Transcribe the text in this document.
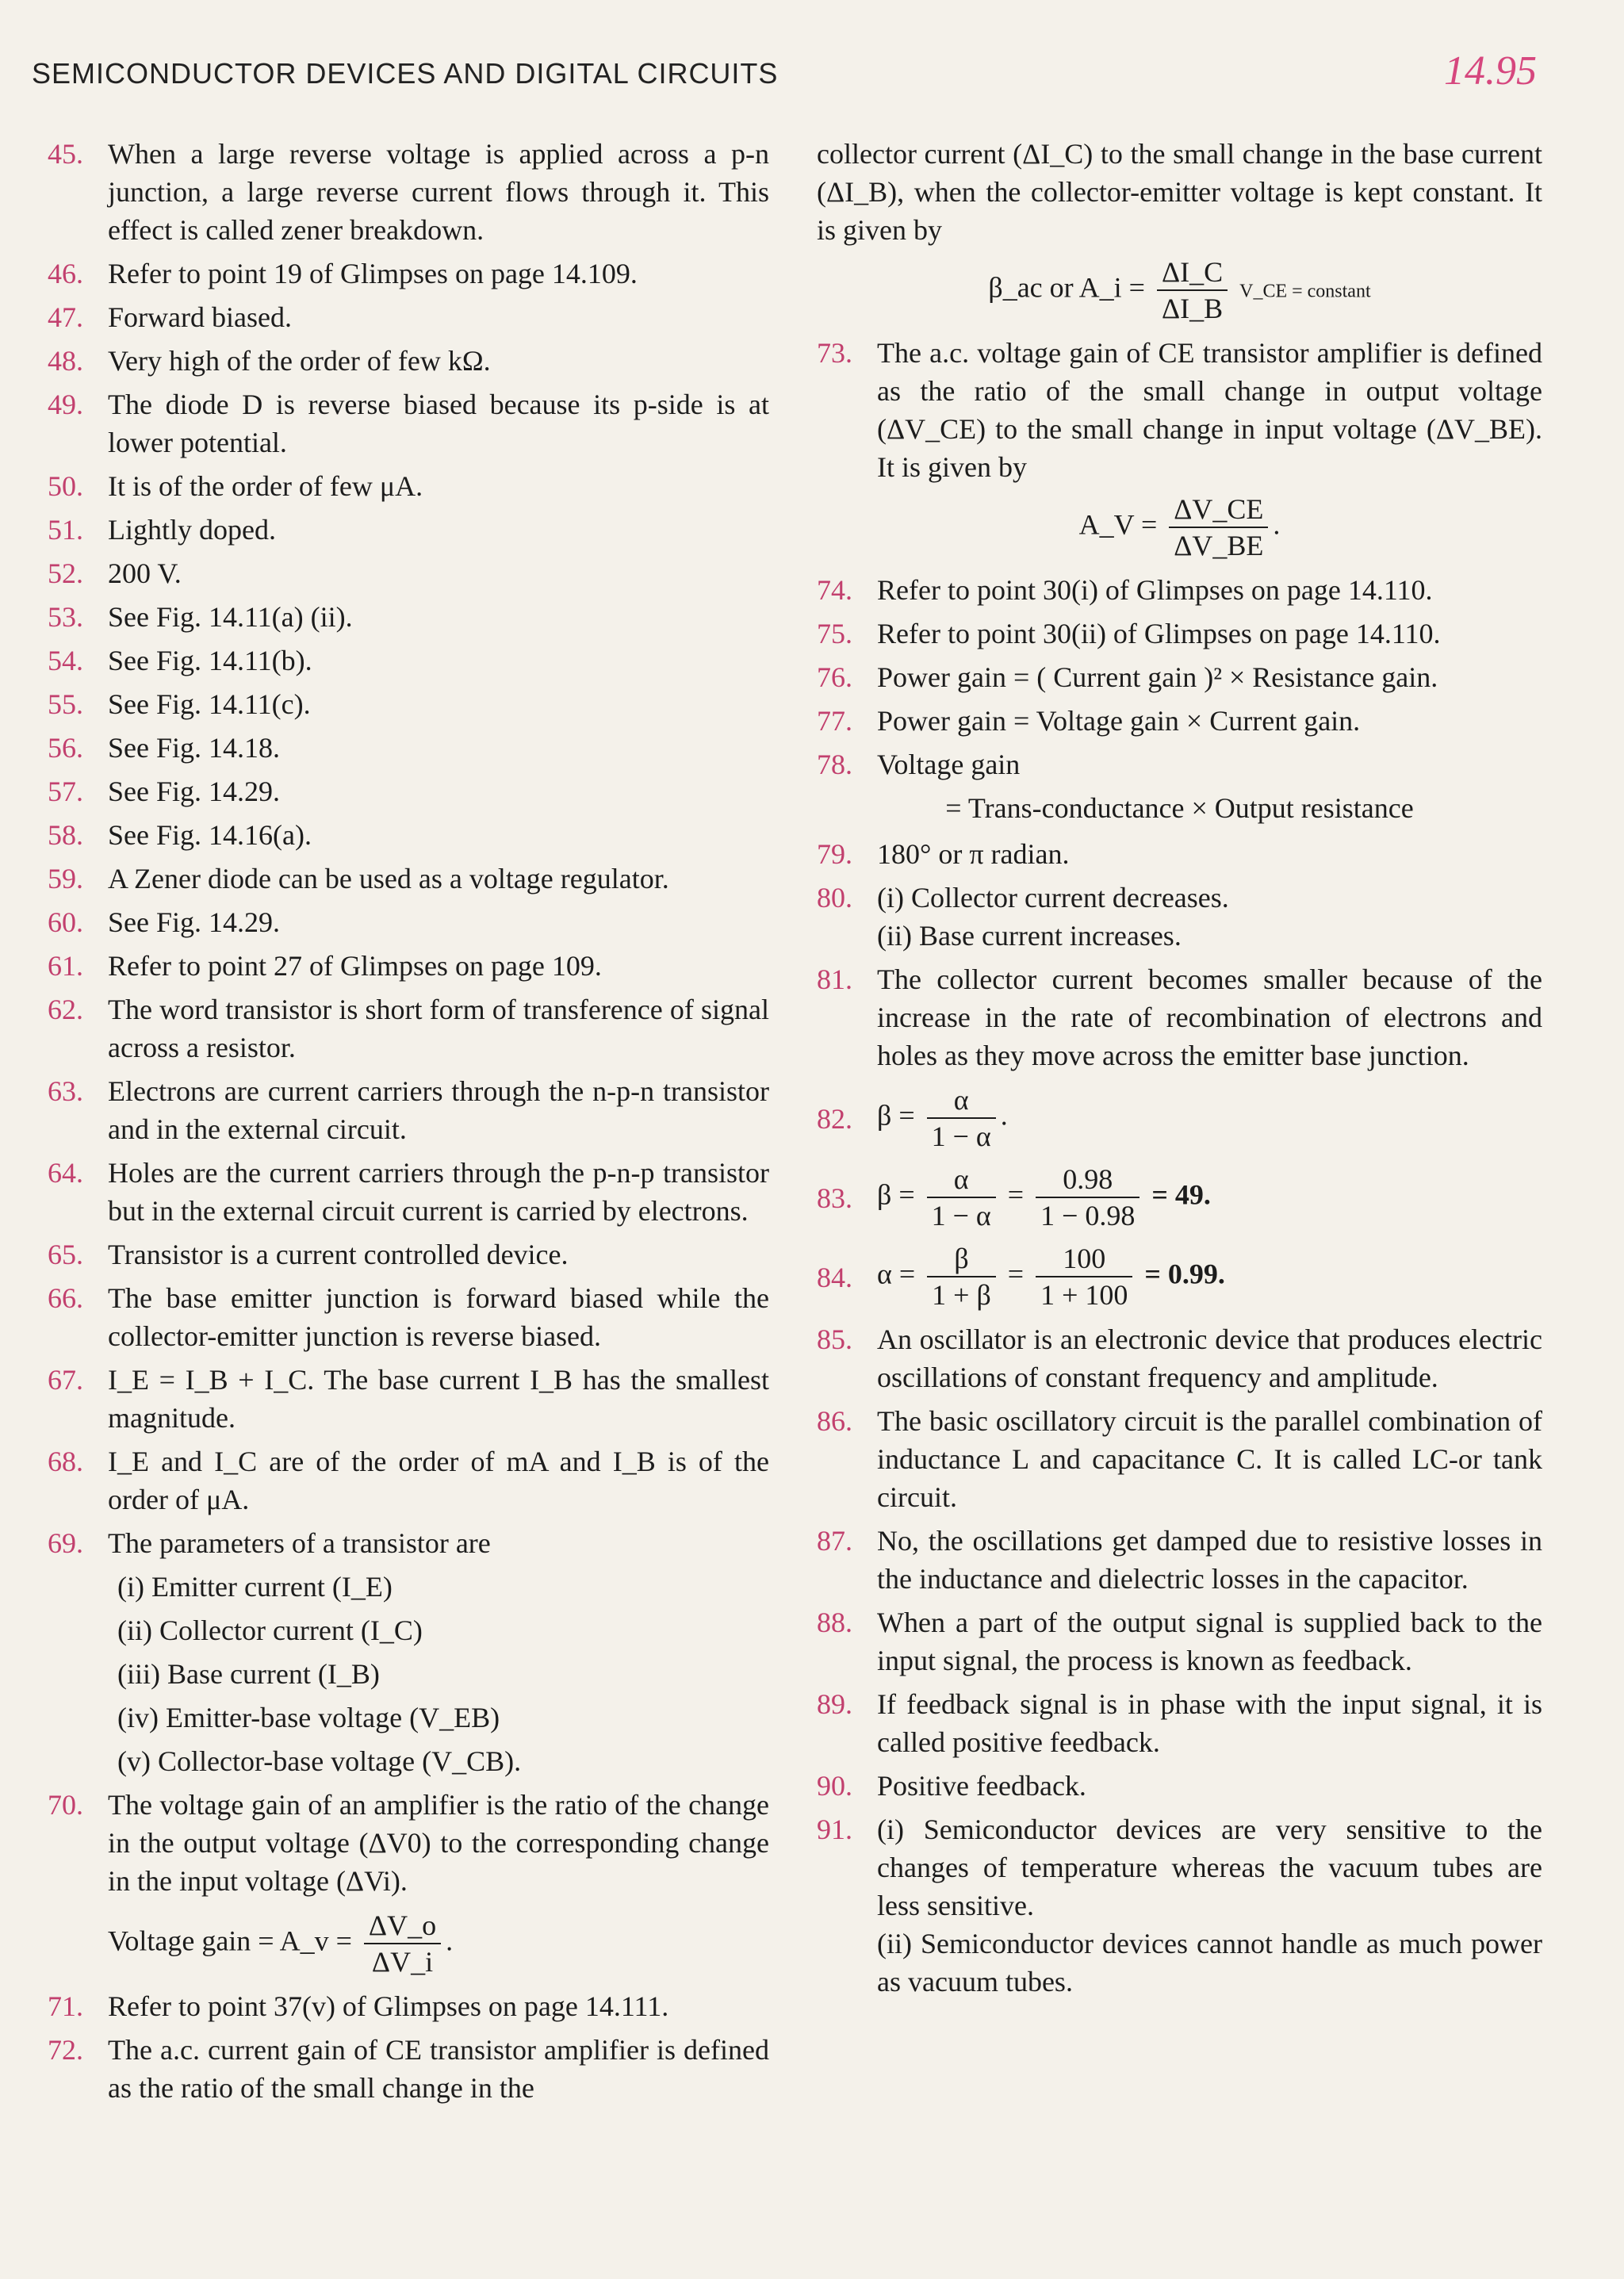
SEMICONDUCTOR DEVICES AND DIGITAL CIRCUITS	14.95
45. When a large reverse voltage is applied across a p-n junction, a large reverse current flows through it. This effect is called zener breakdown.
46. Refer to point 19 of Glimpses on page 14.109.
47. Forward biased.
48. Very high of the order of few kΩ.
49. The diode D is reverse biased because its p-side is at lower potential.
50. It is of the order of few μA.
51. Lightly doped.
52. 200 V.
53. See Fig. 14.11(a) (ii).
54. See Fig. 14.11(b).
55. See Fig. 14.11(c).
56. See Fig. 14.18.
57. See Fig. 14.29.
58. See Fig. 14.16(a).
59. A Zener diode can be used as a voltage regulator.
60. See Fig. 14.29.
61. Refer to point 27 of Glimpses on page 109.
62. The word transistor is short form of transference of signal across a resistor.
63. Electrons are current carriers through the n-p-n transistor and in the external circuit.
64. Holes are the current carriers through the p-n-p transistor but in the external circuit current is carried by electrons.
65. Transistor is a current controlled device.
66. The base emitter junction is forward biased while the collector-emitter junction is reverse biased.
67. I_E = I_B + I_C. The base current I_B has the smallest magnitude.
68. I_E and I_C are of the order of mA and I_B is of the order of μA.
69. The parameters of a transistor are
(i) Emitter current (I_E)
(ii) Collector current (I_C)
(iii) Base current (I_B)
(iv) Emitter-base voltage (V_EB)
(v) Collector-base voltage (V_CB).
70. The voltage gain of an amplifier is the ratio of the change in the output voltage (ΔV0) to the corresponding change in the input voltage (ΔVi).
Voltage gain = A_v = $\frac{\Delta V\_o}{\Delta V\_i}$ .
71. Refer to point 37(v) of Glimpses on page 14.111.
72. The a.c. current gain of CE transistor amplifier is defined as the ratio of the small change in the
collector current (ΔI_C) to the small change in the base current (ΔI_B), when the collector-emitter voltage is kept constant. It is given by
β_ac or A_i = $\frac{\Delta I\_C}{\Delta I\_B}$ V_CE = constant
73. The a.c. voltage gain of CE transistor amplifier is defined as the ratio of the small change in output voltage (ΔV_CE) to the small change in input voltage (ΔV_BE). It is given by
A_V = $\frac{\Delta V\_CE}{\Delta V\_BE}$ .
74. Refer to point 30(i) of Glimpses on page 14.110.
75. Refer to point 30(ii) of Glimpses on page 14.110.
76. Power gain = ( Current gain )² × Resistance gain.
77. Power gain = Voltage gain × Current gain.
78. Voltage gain
= Trans-conductance × Output resistance
79. 180° or π radian.
80. (i) Collector current decreases.
(ii) Base current increases.
81. The collector current becomes smaller because of the increase in the rate of recombination of electrons and holes as they move across the emitter base junction.
82. $\beta = \frac{\alpha}{1 - \alpha}$ .
83. $\beta = \frac{\alpha}{1 - \alpha} = \frac{0.98}{1 - 0.98} = 49$.
84. $\alpha = \frac{\beta}{1 + \beta} = \frac{100}{1 + 100} = 0.99$.
85. An oscillator is an electronic device that produces electric oscillations of constant frequency and amplitude.
86. The basic oscillatory circuit is the parallel combination of inductance L and capacitance C. It is called LC-or tank circuit.
87. No, the oscillations get damped due to resistive losses in the inductance and dielectric losses in the capacitor.
88. When a part of the output signal is supplied back to the input signal, the process is known as feedback.
89. If feedback signal is in phase with the input signal, it is called positive feedback.
90. Positive feedback.
91. (i) Semiconductor devices are very sensitive to the changes of temperature whereas the vacuum tubes are less sensitive.
(ii) Semiconductor devices cannot handle as much power as vacuum tubes.
